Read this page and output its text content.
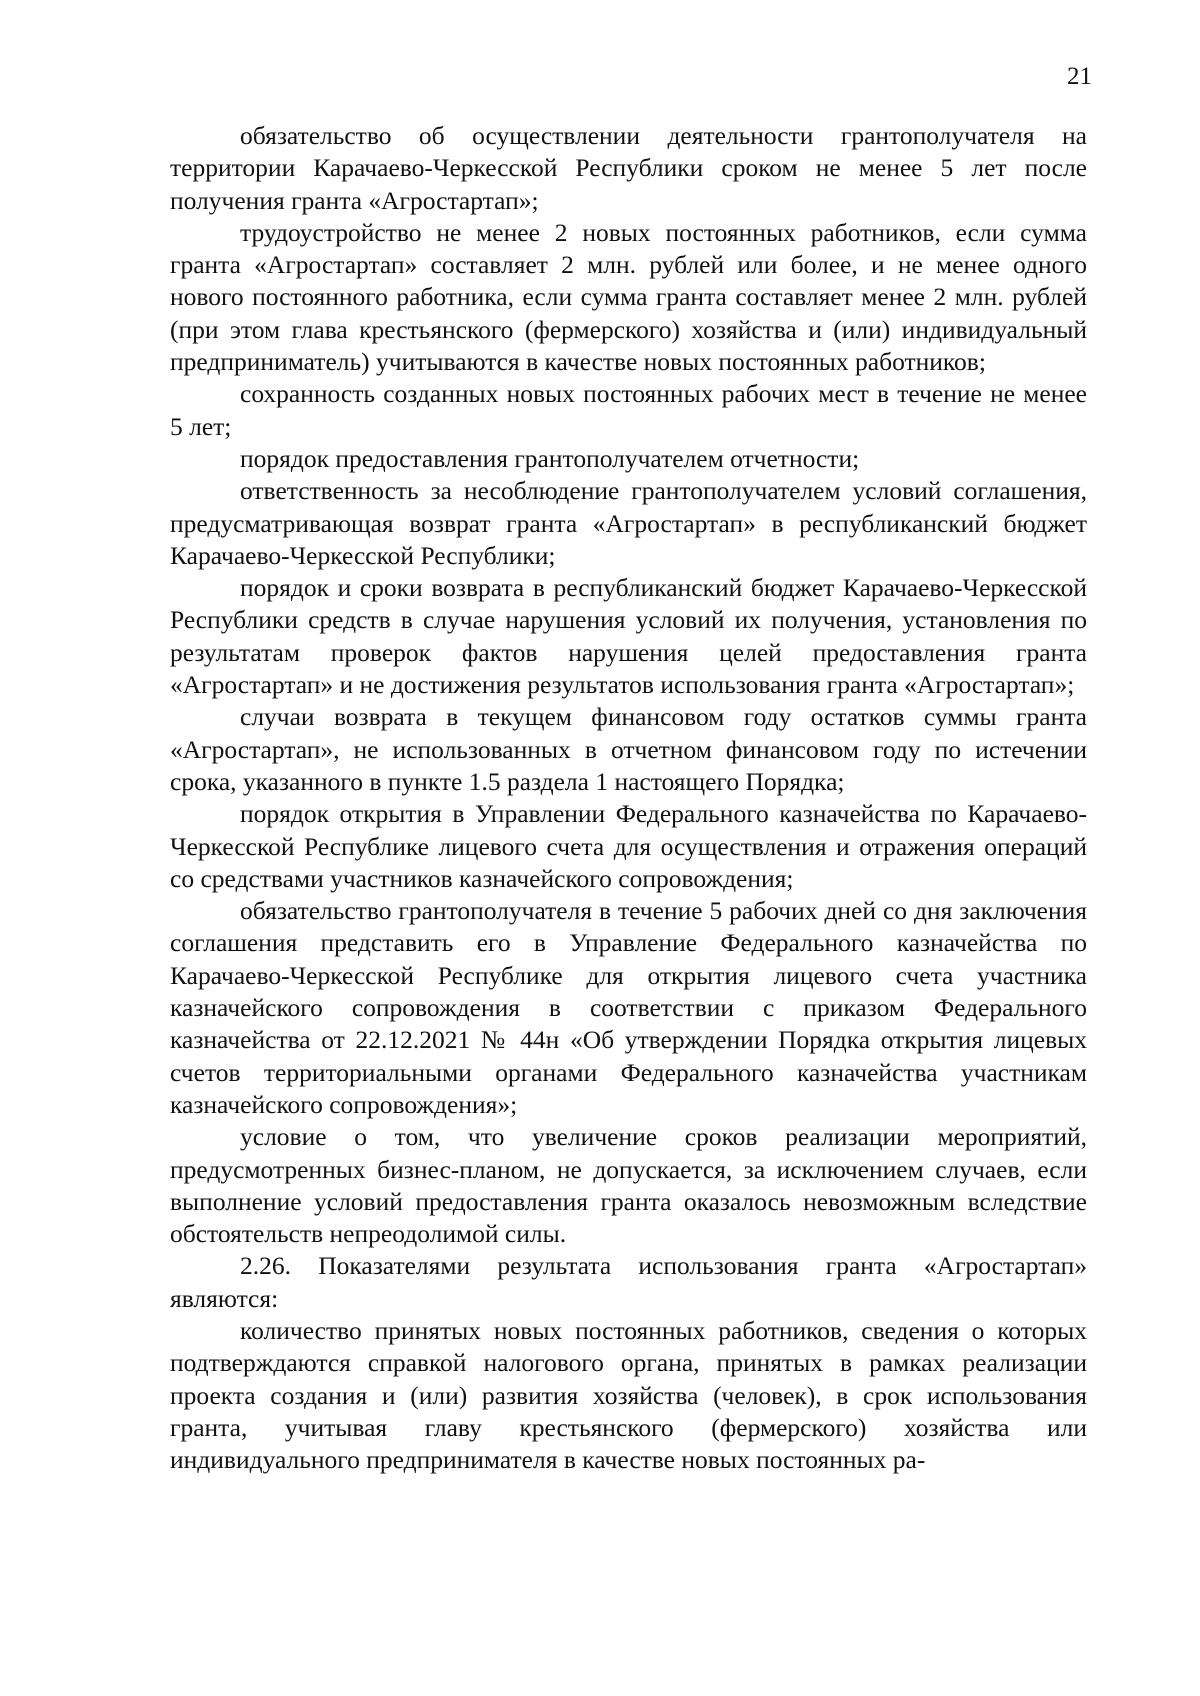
21

обязательство об осуществлении деятельности грантополучателя на территории Карачаево-Черкесской Республики сроком не менее 5 лет после получения гранта «Агростартап»;

трудоустройство не менее 2 новых постоянных работников, если сумма гранта «Агростартап» составляет 2 млн. рублей или более, и не менее одного нового постоянного работника, если сумма гранта составляет менее 2 млн. рублей (при этом глава крестьянского (фермерского) хозяйства и (или) индивидуальный предприниматель) учитываются в качестве новых постоянных работников;

сохранность созданных новых постоянных рабочих мест в течение не менее 5 лет;

порядок предоставления грантополучателем отчетности;

ответственность за несоблюдение грантополучателем условий соглашения, предусматривающая возврат гранта «Агростартап» в республиканский бюджет Карачаево-Черкесской Республики;

порядок и сроки возврата в республиканский бюджет Карачаево-Черкесской Республики средств в случае нарушения условий их получения, установления по результатам проверок фактов нарушения целей предоставления гранта «Агростартап» и не достижения результатов использования гранта «Агростартап»;

случаи возврата в текущем финансовом году остатков суммы гранта «Агростартап», не использованных в отчетном финансовом году по истечении срока, указанного в пункте 1.5 раздела 1 настоящего Порядка;

порядок открытия в Управлении Федерального казначейства по Карачаево-Черкесской Республике лицевого счета для осуществления и отражения операций со средствами участников казначейского сопровождения;

обязательство грантополучателя в течение 5 рабочих дней со дня заключения соглашения представить его в Управление Федерального казначейства по Карачаево-Черкесской Республике для открытия лицевого счета участника казначейского сопровождения в соответствии с приказом Федерального казначейства от 22.12.2021 № 44н «Об утверждении Порядка открытия лицевых счетов территориальными органами Федерального казначейства участникам казначейского сопровождения»;

условие о том, что увеличение сроков реализации мероприятий, предусмотренных бизнес-планом, не допускается, за исключением случаев, если выполнение условий предоставления гранта оказалось невозможным вследствие обстоятельств непреодолимой силы.

2.26. Показателями результата использования гранта «Агростартап» являются:

количество принятых новых постоянных работников, сведения о которых подтверждаются справкой налогового органа, принятых в рамках реализации проекта создания и (или) развития хозяйства (человек), в срок использования гранта, учитывая главу крестьянского (фермерского) хозяйства или индивидуального предпринимателя в качестве новых постоянных ра-
